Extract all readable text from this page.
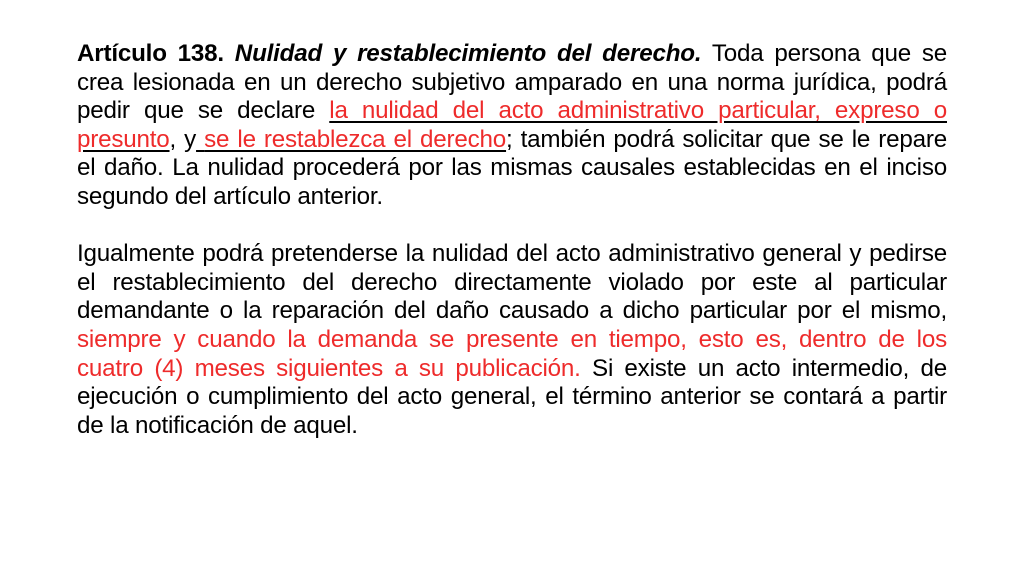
Artículo 138. Nulidad y restablecimiento del derecho. Toda persona que se crea lesionada en un derecho subjetivo amparado en una norma jurídica, podrá pedir que se declare la nulidad del acto administrativo particular, expreso o presunto, y se le restablezca el derecho; también podrá solicitar que se le repare el daño. La nulidad procederá por las mismas causales establecidas en el inciso segundo del artículo anterior.

Igualmente podrá pretenderse la nulidad del acto administrativo general y pedirse el restablecimiento del derecho directamente violado por este al particular demandante o la reparación del daño causado a dicho particular por el mismo, siempre y cuando la demanda se presente en tiempo, esto es, dentro de los cuatro (4) meses siguientes a su publicación. Si existe un acto intermedio, de ejecución o cumplimiento del acto general, el término anterior se contará a partir de la notificación de aquel.
